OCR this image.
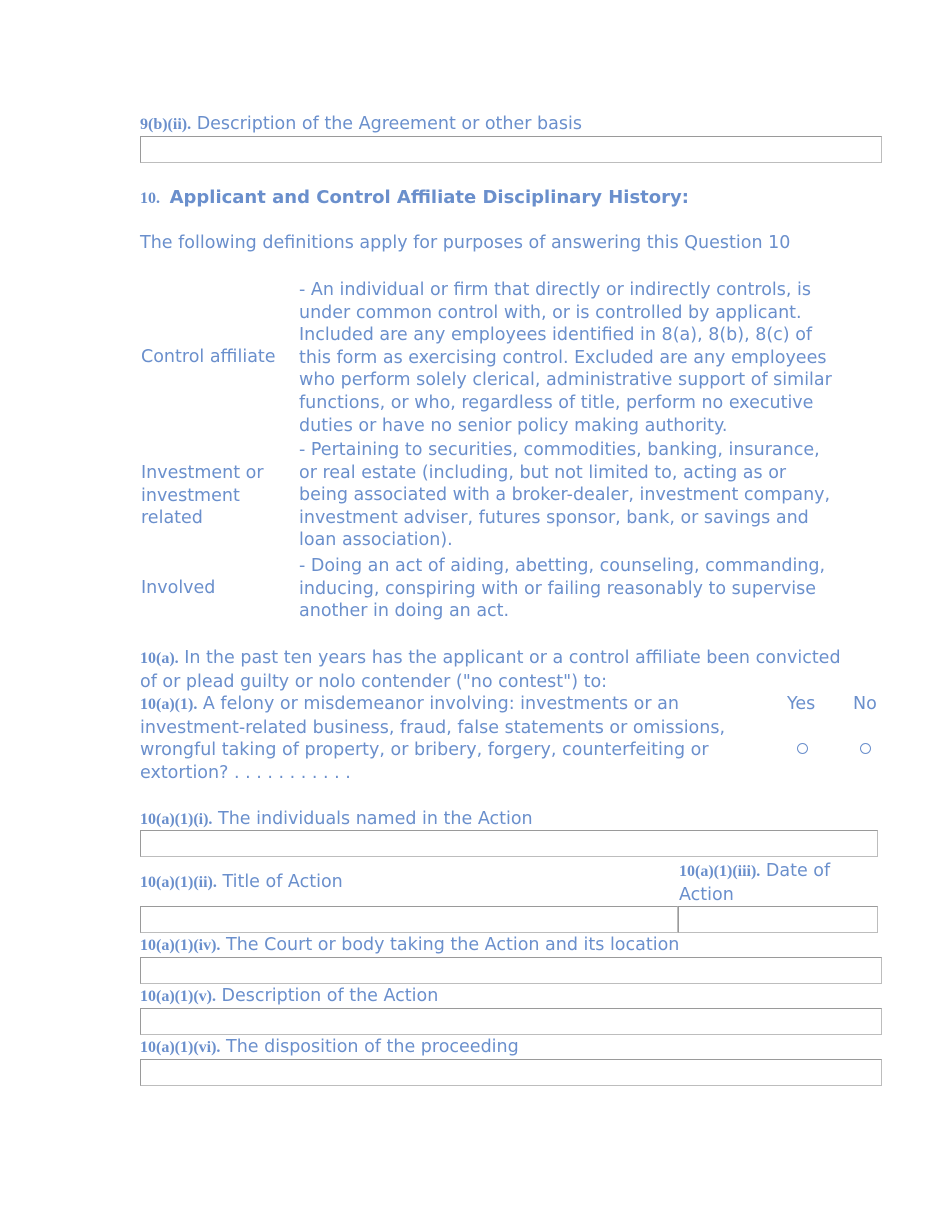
9(b)(ii). Description of the Agreement or other basis
10. Applicant and Control Affiliate Disciplinary History:
The following definitions apply for purposes of answering this Question 10
Control affiliate
- An individual or firm that directly or indirectly controls, is
under common control with, or is controlled by applicant.
Included are any employees identified in 8(a), 8(b), 8(c) of
this form as exercising control. Excluded are any employees
who perform solely clerical, administrative support of similar
functions, or who, regardless of title, perform no executive
duties or have no senior policy making authority.
Investment or
investment
related
- Pertaining to securities, commodities, banking, insurance,
or real estate (including, but not limited to, acting as or
being associated with a broker-dealer, investment company,
investment adviser, futures sponsor, bank, or savings and
loan association).
Involved
- Doing an act of aiding, abetting, counseling, commanding,
inducing, conspiring with or failing reasonably to supervise
another in doing an act.
10(a). In the past ten years has the applicant or a control affiliate been convicted
of or plead guilty or nolo contender ("no contest") to:
10(a)(1). A felony or misdemeanor involving: investments or an
investment-related business, fraud, false statements or omissions,
wrongful taking of property, or bribery, forgery, counterfeiting or
extortion? . . . . . . . . . . .
Yes No
10(a)(1)(i). The individuals named in the Action
10(a)(1)(ii). Title of Action
10(a)(1)(iii). Date of
Action
10(a)(1)(iv). The Court or body taking the Action and its location
10(a)(1)(v). Description of the Action
10(a)(1)(vi). The disposition of the proceeding
